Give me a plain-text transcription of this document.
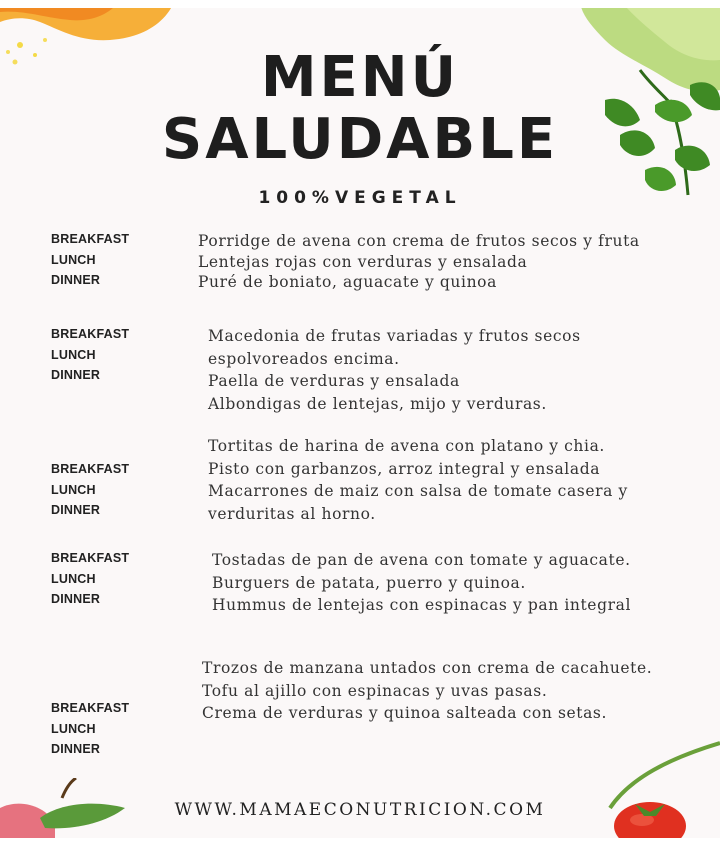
MENÚ
SALUDABLE
100%VEGETAL
BREAKFAST
LUNCH
DINNER
Porridge de avena con crema de frutos secos y fruta
Lentejas rojas con verduras y ensalada
Puré de boniato, aguacate y quinoa
BREAKFAST
LUNCH
DINNER
Macedonia de frutas variadas y frutos secos
espolvoreados encima.
Paella de verduras y ensalada
Albondigas de lentejas, mijo y verduras.
BREAKFAST
LUNCH
DINNER
Tortitas de harina de avena con platano y chia.
Pisto con garbanzos, arroz integral y ensalada
Macarrones de maiz con salsa de tomate casera y
verduritas al horno.
BREAKFAST
LUNCH
DINNER
Tostadas de pan de avena con tomate y aguacate.
Burguers de patata, puerro y quinoa.
Hummus de lentejas con espinacas y pan integral
BREAKFAST
LUNCH
DINNER
Trozos de manzana untados con crema de cacahuete.
Tofu al ajillo con espinacas y uvas pasas.
Crema de verduras y quinoa salteada con setas.
WWW.MAMAECONUTRICION.COM
